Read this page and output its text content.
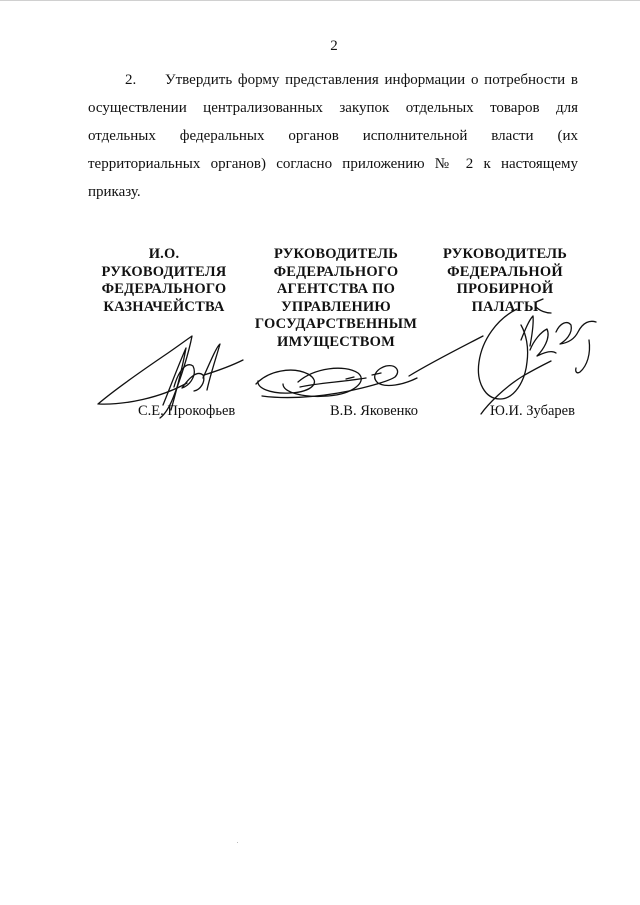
2
2. Утвердить форму представления информации о потребности в осуществлении централизованных закупок отдельных товаров для отдельных федеральных органов исполнительной власти (их территориальных органов) согласно приложению № 2 к настоящему приказу.
И.О.
РУКОВОДИТЕЛЯ
ФЕДЕРАЛЬНОГО
КАЗНАЧЕЙСТВА
РУКОВОДИТЕЛЬ
ФЕДЕРАЛЬНОГО
АГЕНТСТВА ПО
УПРАВЛЕНИЮ
ГОСУДАРСТВЕННЫМ
ИМУЩЕСТВОМ
РУКОВОДИТЕЛЬ
ФЕДЕРАЛЬНОЙ
ПРОБИРНОЙ
ПАЛАТЫ
С.Е. Прокофьев	В.В. Яковенко	Ю.И. Зубарев
